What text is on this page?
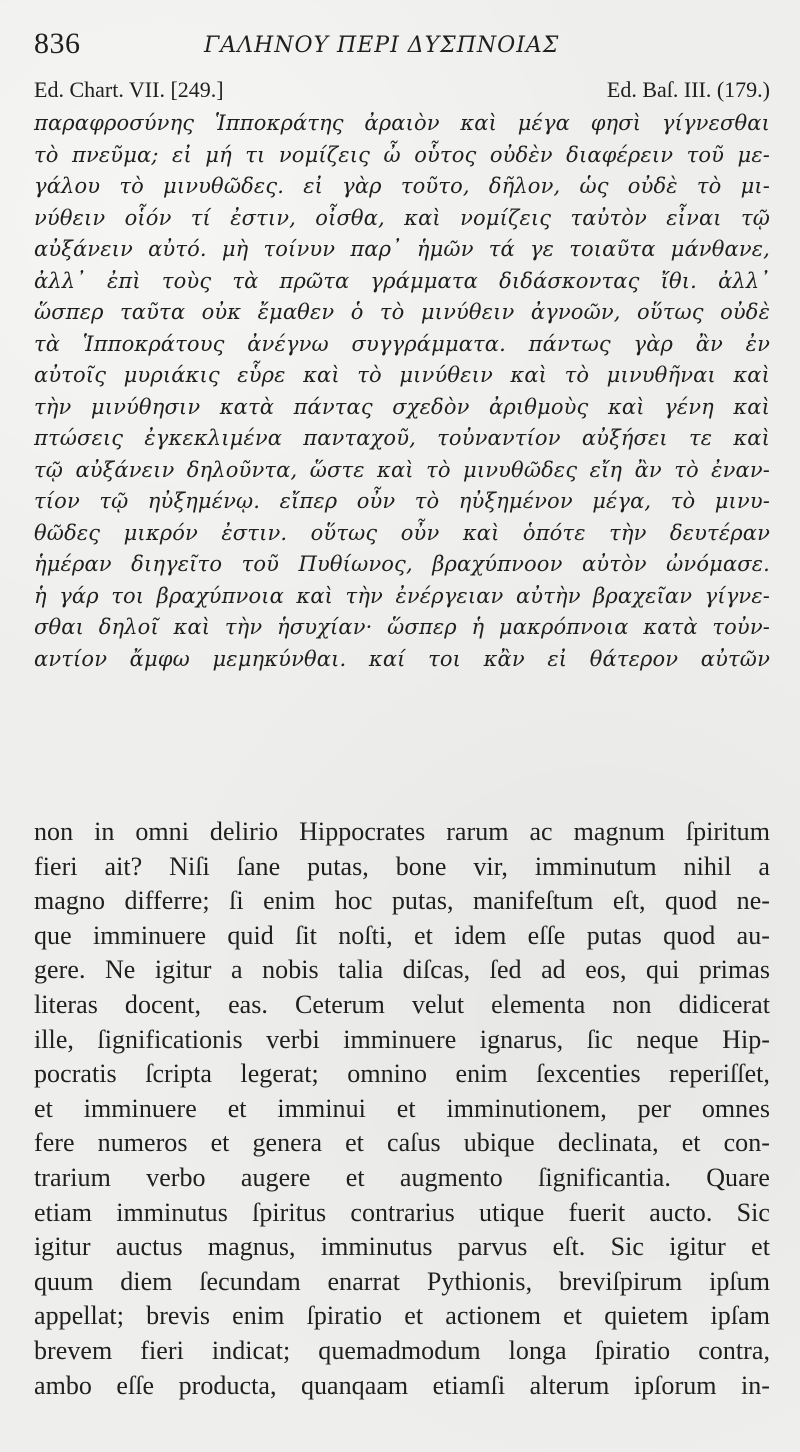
836	ΓΑΛΗΝΟΥ ΠΕΡΙ ΔΥΣΠΝΟΙΑΣ
Ed. Chart. VII. [249.]	Ed. Baſ. III. (179.)
παραφροσύνης Ἱπποκράτης ἀραιὸν καὶ μέγα φησὶ γίγνεσθαι
τὸ πνεῦμα; εἰ μή τι νομίζεις ὦ οὗτος οὐδὲν διαφέρειν τοῦ με-
γάλου τὸ μινυθῶδες. εἰ γὰρ τοῦτο, δῆλον, ὡς οὐδὲ τὸ μι-
νύθειν οἷόν τί ἐστιν, οἶσθα, καὶ νομίζεις ταὐτὸν εἶναι τῷ
αὐξάνειν αὐτό. μὴ τοίνυν παρ᾽ ἡμῶν τά γε τοιαῦτα μάνθανε,
ἀλλ᾽ ἐπὶ τοὺς τὰ πρῶτα γράμματα διδάσκοντας ἴθι. ἀλλ᾽
ὥσπερ ταῦτα οὐκ ἔμαθεν ὁ τὸ μινύθειν ἀγνοῶν, οὕτως οὐδὲ
τὰ Ἱπποκράτους ἀνέγνω συγγράμματα. πάντως γὰρ ἂν ἐν
αὐτοῖς μυριάκις εὗρε καὶ τὸ μινύθειν καὶ τὸ μινυθῆναι καὶ
τὴν μινύθησιν κατὰ πάντας σχεδὸν ἀριθμοὺς καὶ γένη καὶ
πτώσεις ἐγκεκλιμένα πανταχοῦ, τοὐναντίον αὐξήσει τε καὶ
τῷ αὐξάνειν δηλοῦντα, ὥστε καὶ τὸ μινυθῶδες εἴη ἂν τὸ ἐναν-
τίον τῷ ηὐξημένῳ. εἴπερ οὖν τὸ ηὐξημένον μέγα, τὸ μινυ-
θῶδες μικρόν ἐστιν. οὕτως οὖν καὶ ὁπότε τὴν δευτέραν
ἡμέραν διηγεῖτο τοῦ Πυθίωνος, βραχύπνοον αὐτὸν ὠνόμασε.
ἡ γάρ τοι βραχύπνοια καὶ τὴν ἐνέργειαν αὐτὴν βραχεῖαν γίγνε-
σθαι δηλοῖ καὶ τὴν ἡσυχίαν· ὥσπερ ἡ μακρόπνοια κατὰ τοὐν-
αντίον ἄμφω μεμηκύνθαι. καί τοι κἂν εἰ θάτερον αὐτῶν
non in omni delirio Hippocrates rarum ac magnum ſpiritum
fieri ait? Niſi ſane putas, bone vir, imminutum nihil a
magno differre; ſi enim hoc putas, manifeſtum eſt, quod ne-
que imminuere quid ſit noſti, et idem eſſe putas quod au-
gere. Ne igitur a nobis talia diſcas, ſed ad eos, qui primas
literas docent, eas. Ceterum velut elementa non didicerat
ille, ſignificationis verbi imminuere ignarus, ſic neque Hip-
pocratis ſcripta legerat; omnino enim ſexcenties reperiſſet,
et imminuere et imminui et imminutionem, per omnes
fere numeros et genera et caſus ubique declinata, et con-
trarium verbo augere et augmento ſignificantia. Quare
etiam imminutus ſpiritus contrarius utique fuerit aucto. Sic
igitur auctus magnus, imminutus parvus eſt. Sic igitur et
quum diem ſecundam enarrat Pythionis, breviſpirum ipſum
appellat; brevis enim ſpiratio et actionem et quietem ipſam
brevem fieri indicat; quemadmodum longa ſpiratio contra,
ambo eſſe producta, quanqaam etiamſi alterum ipſorum in-
